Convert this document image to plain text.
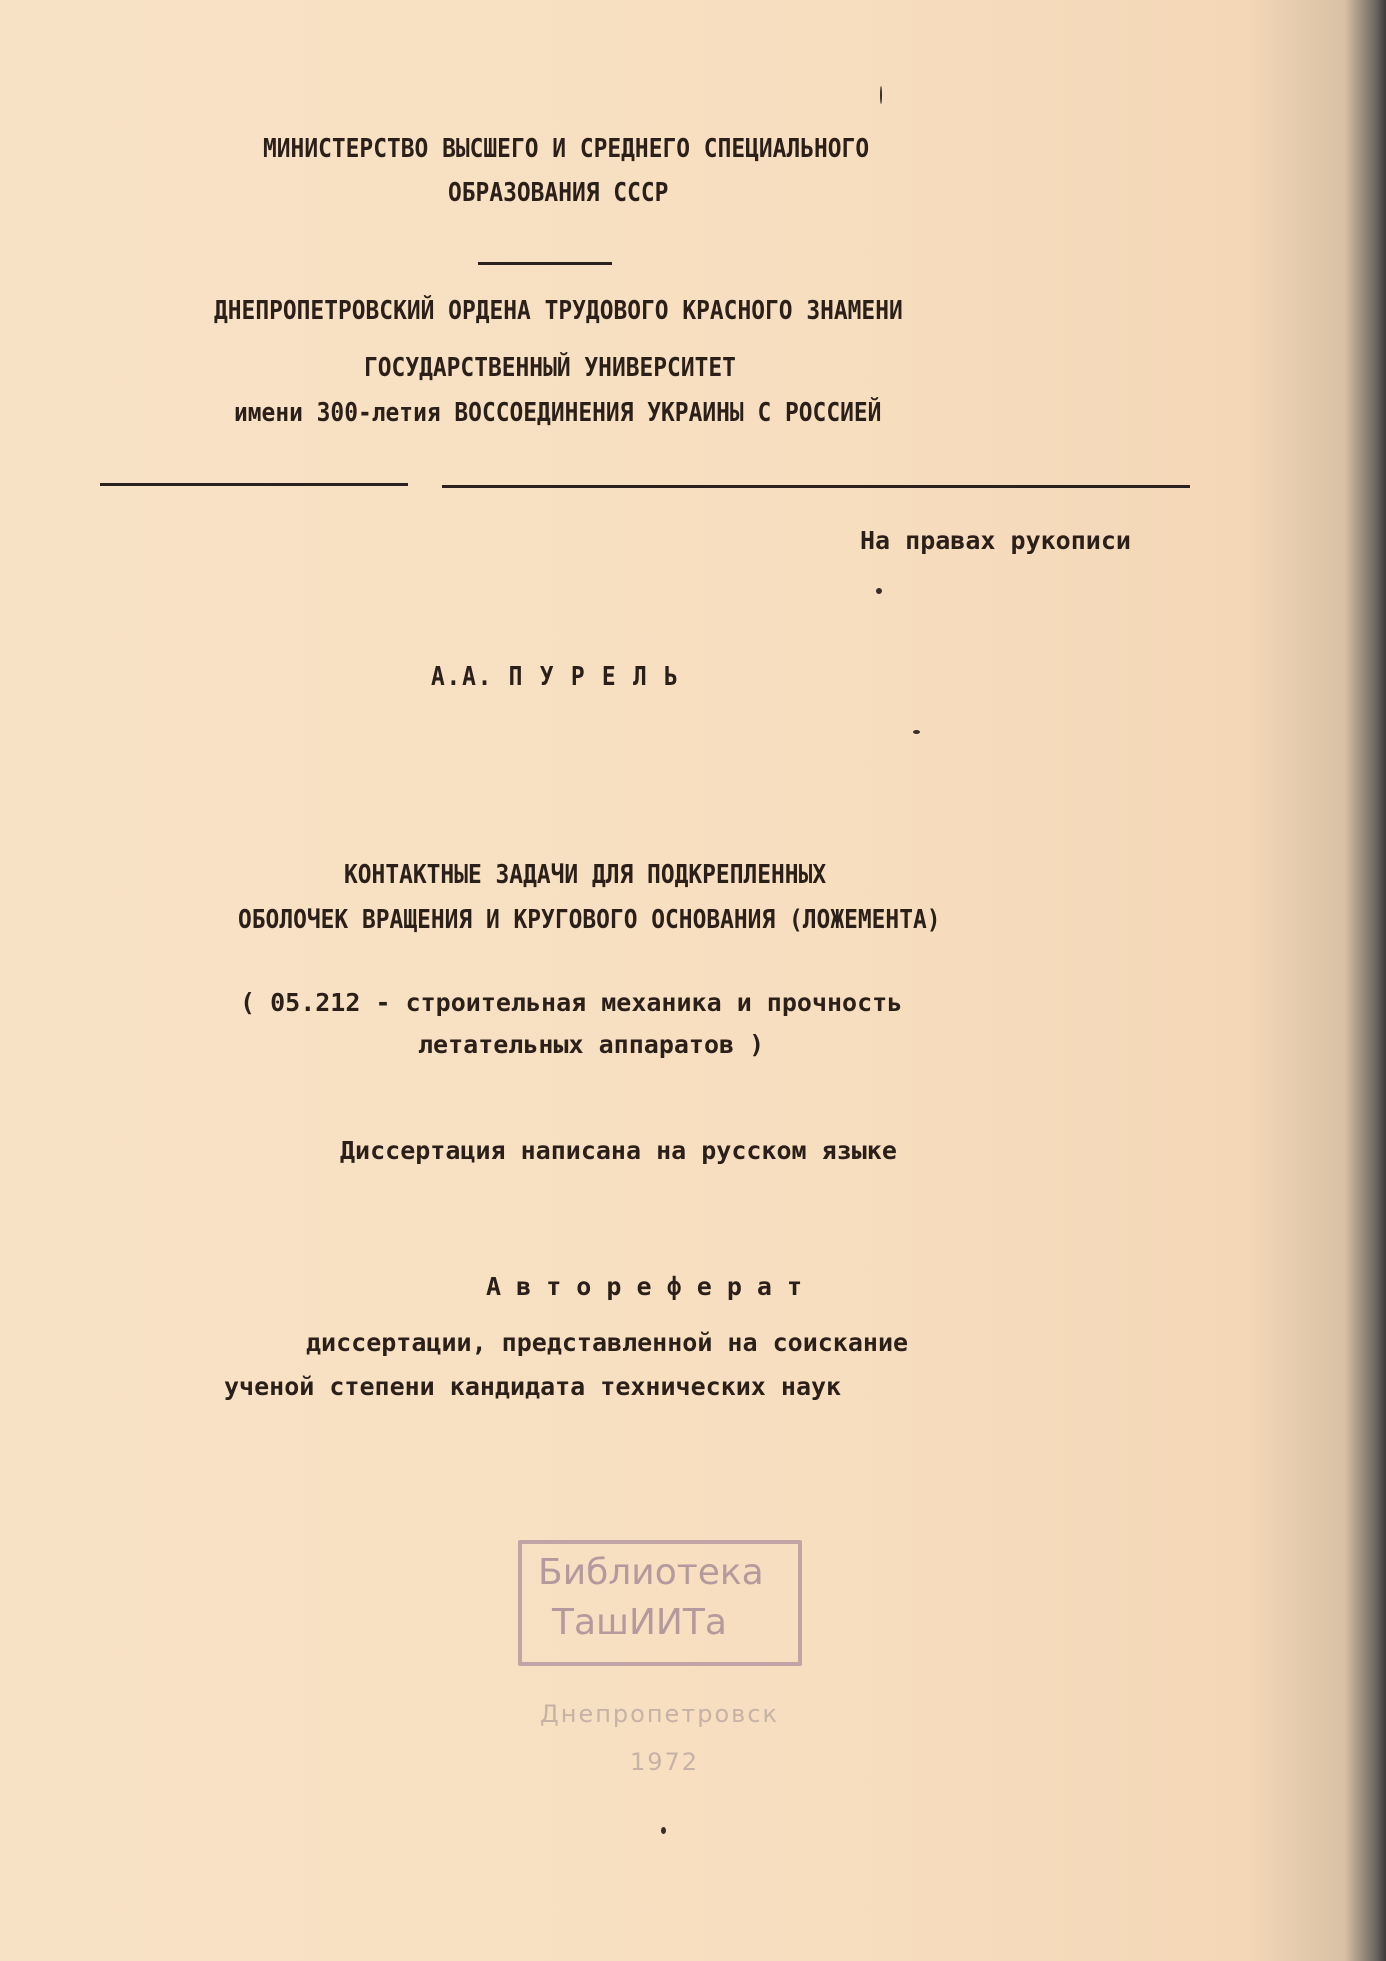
МИНИСТЕРСТВО ВЫСШЕГО И СРЕДНЕГО СПЕЦИАЛЬНОГО
ОБРАЗОВАНИЯ СССР
ДНЕПРОПЕТРОВСКИЙ ОРДЕНА ТРУДОВОГО КРАСНОГО ЗНАМЕНИ
ГОСУДАРСТВЕННЫЙ УНИВЕРСИТЕТ
имени 300-летия ВОССОЕДИНЕНИЯ УКРАИНЫ С РОССИЕЙ
На правах рукописи
А.А. П У Р Е Л Ь
КОНТАКТНЫЕ ЗАДАЧИ ДЛЯ ПОДКРЕПЛЕННЫХ
ОБОЛОЧЕК ВРАЩЕНИЯ И КРУГОВОГО ОСНОВАНИЯ (ЛОЖЕМЕНТА)
( 05.212 - строительная механика и прочность
летательных аппаратов )
Диссертация написана на русском языке
А в т о р е ф е р а т
диссертации, представленной на соискание
ученой степени кандидата технических наук
Библиотека
ТашИИТа
Днепропетровск
1972
